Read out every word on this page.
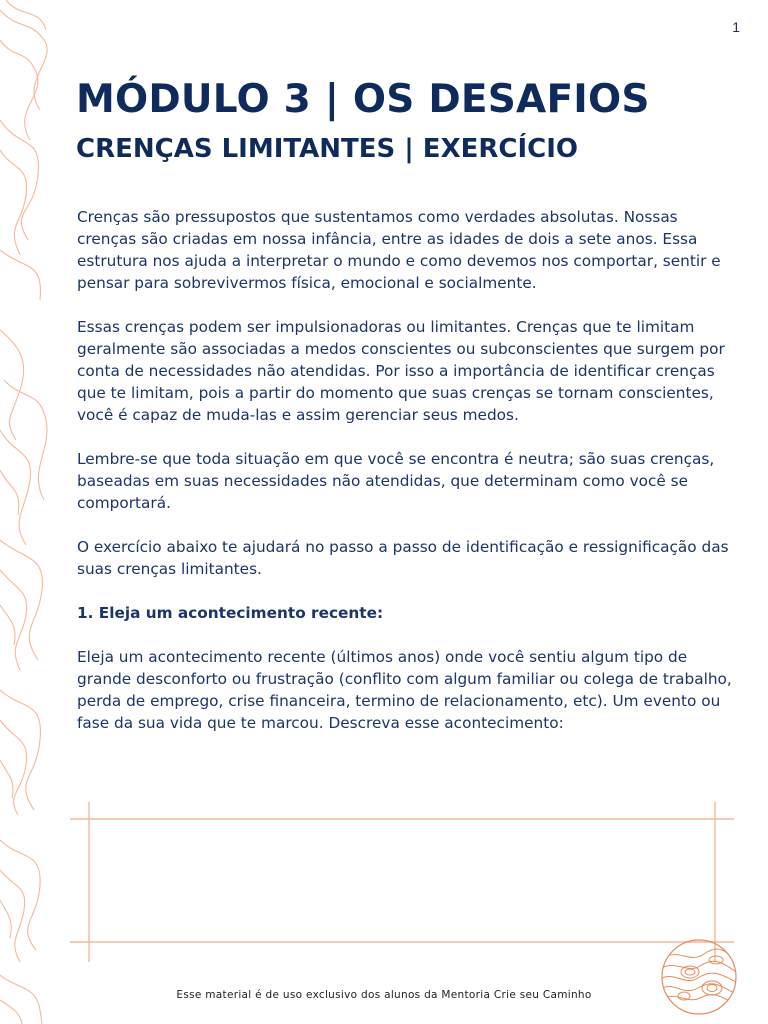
1
MÓDULO 3 | OS DESAFIOS
CRENÇAS LIMITANTES | EXERCÍCIO

Crenças são pressupostos que sustentamos como verdades absolutas. Nossas crenças são criadas em nossa infância, entre as idades de dois a sete anos. Essa estrutura nos ajuda a interpretar o mundo e como devemos nos comportar, sentir e pensar para sobrevivermos física, emocional e socialmente.

Essas crenças podem ser impulsionadoras ou limitantes. Crenças que te limitam geralmente são associadas a medos conscientes ou subconscientes que surgem por conta de necessidades não atendidas. Por isso a importância de identificar crenças que te limitam, pois a partir do momento que suas crenças se tornam conscientes, você é capaz de muda-las e assim gerenciar seus medos.

Lembre-se que toda situação em que você se encontra é neutra; são suas crenças, baseadas em suas necessidades não atendidas, que determinam como você se comportará.

O exercício abaixo te ajudará no passo a passo de identificação e ressignificação das suas crenças limitantes.

1. Eleja um acontecimento recente:

Eleja um acontecimento recente (últimos anos) onde você sentiu algum tipo de grande desconforto ou frustração (conflito com algum familiar ou colega de trabalho, perda de emprego, crise financeira, termino de relacionamento, etc). Um evento ou fase da sua vida que te marcou. Descreva esse acontecimento:

Esse material é de uso exclusivo dos alunos da Mentoria Crie seu Caminho
